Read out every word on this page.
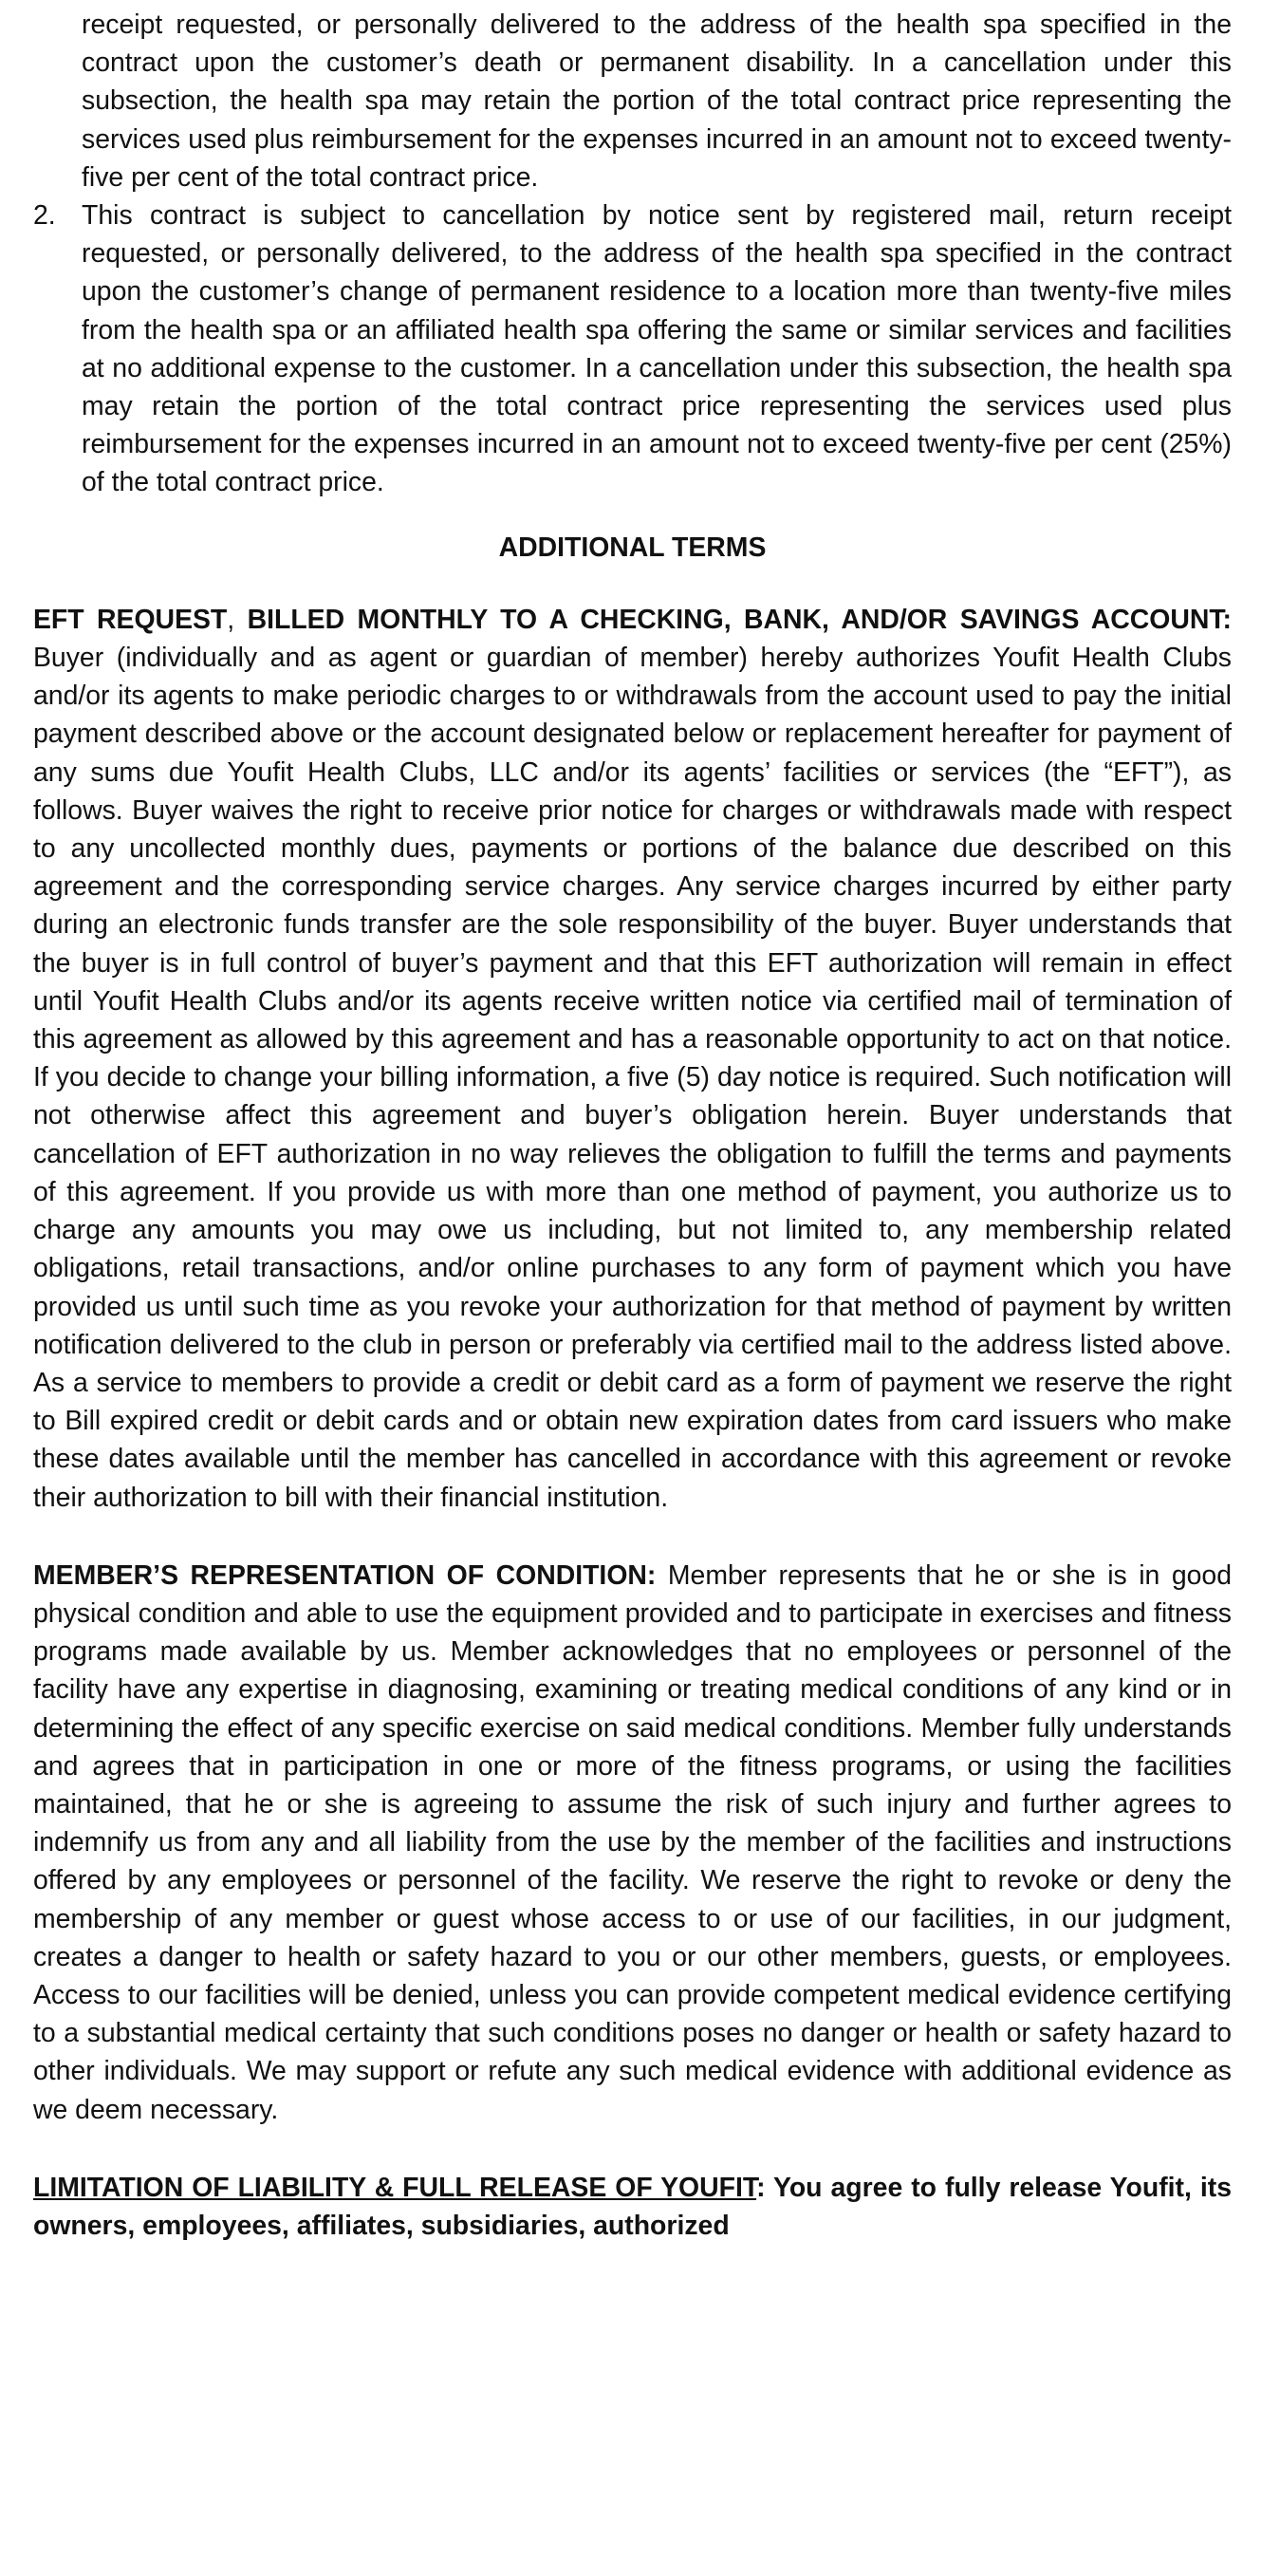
receipt requested, or personally delivered to the address of the health spa specified in the contract upon the customer’s death or permanent disability. In a cancellation under this subsection, the health spa may retain the portion of the total contract price representing the services used plus reimbursement for the expenses incurred in an amount not to exceed twenty-five per cent of the total contract price.
2. This contract is subject to cancellation by notice sent by registered mail, return receipt requested, or personally delivered, to the address of the health spa specified in the contract upon the customer’s change of permanent residence to a location more than twenty-five miles from the health spa or an affiliated health spa offering the same or similar services and facilities at no additional expense to the customer. In a cancellation under this subsection, the health spa may retain the portion of the total contract price representing the services used plus reimbursement for the expenses incurred in an amount not to exceed twenty-five per cent (25%) of the total contract price.
ADDITIONAL TERMS

EFT REQUEST, BILLED MONTHLY TO A CHECKING, BANK, AND/OR SAVINGS ACCOUNT: Buyer (individually and as agent or guardian of member) hereby authorizes Youfit Health Clubs and/or its agents to make periodic charges to or withdrawals from the account used to pay the initial payment described above or the account designated below or replacement hereafter for payment of any sums due Youfit Health Clubs, LLC and/or its agents’ facilities or services (the “EFT”), as follows. Buyer waives the right to receive prior notice for charges or withdrawals made with respect to any uncollected monthly dues, payments or portions of the balance due described on this agreement and the corresponding service charges. Any service charges incurred by either party during an electronic funds transfer are the sole responsibility of the buyer. Buyer understands that the buyer is in full control of buyer’s payment and that this EFT authorization will remain in effect until Youfit Health Clubs and/or its agents receive written notice via certified mail of termination of this agreement as allowed by this agreement and has a reasonable opportunity to act on that notice. If you decide to change your billing information, a five (5) day notice is required. Such notification will not otherwise affect this agreement and buyer’s obligation herein. Buyer understands that cancellation of EFT authorization in no way relieves the obligation to fulfill the terms and payments of this agreement. If you provide us with more than one method of payment, you authorize us to charge any amounts you may owe us including, but not limited to, any membership related obligations, retail transactions, and/or online purchases to any form of payment which you have provided us until such time as you revoke your authorization for that method of payment by written notification delivered to the club in person or preferably via certified mail to the address listed above. As a service to members to provide a credit or debit card as a form of payment we reserve the right to Bill expired credit or debit cards and or obtain new expiration dates from card issuers who make these dates available until the member has cancelled in accordance with this agreement or revoke their authorization to bill with their financial institution.

MEMBER’S REPRESENTATION OF CONDITION: Member represents that he or she is in good physical condition and able to use the equipment provided and to participate in exercises and fitness programs made available by us. Member acknowledges that no employees or personnel of the facility have any expertise in diagnosing, examining or treating medical conditions of any kind or in determining the effect of any specific exercise on said medical conditions. Member fully understands and agrees that in participation in one or more of the fitness programs, or using the facilities maintained, that he or she is agreeing to assume the risk of such injury and further agrees to indemnify us from any and all liability from the use by the member of the facilities and instructions offered by any employees or personnel of the facility. We reserve the right to revoke or deny the membership of any member or guest whose access to or use of our facilities, in our judgment, creates a danger to health or safety hazard to you or our other members, guests, or employees. Access to our facilities will be denied, unless you can provide competent medical evidence certifying to a substantial medical certainty that such conditions poses no danger or health or safety hazard to other individuals. We may support or refute any such medical evidence with additional evidence as we deem necessary.

LIMITATION OF LIABILITY & FULL RELEASE OF YOUFIT: You agree to fully release Youfit, its owners, employees, affiliates, subsidiaries, authorized
